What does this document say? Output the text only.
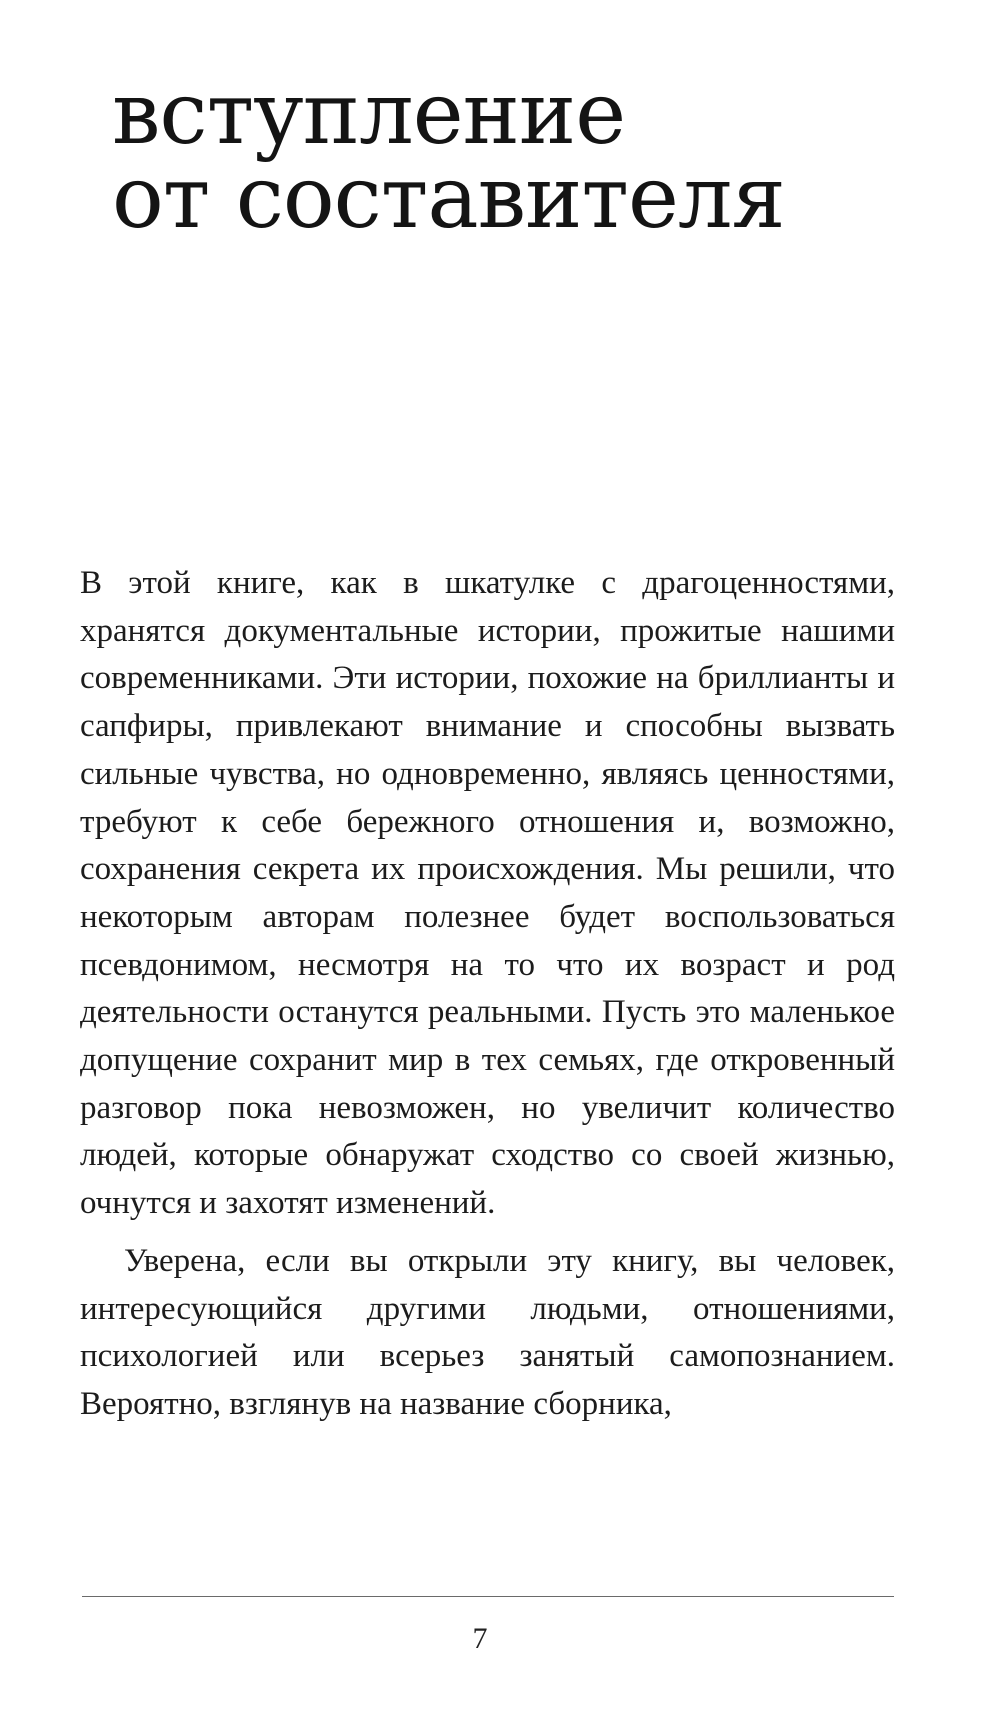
вступление
от составителя

В этой книге, как в шкатулке с драгоценностями, хранятся документальные истории, прожитые нашими современниками. Эти истории, похожие на бриллианты и сапфиры, привлекают внимание и способны вызвать сильные чувства, но одновременно, являясь ценностями, требуют к себе бережного отношения и, возможно, сохранения секрета их происхождения. Мы решили, что некоторым авторам полезнее будет воспользоваться псевдонимом, несмотря на то что их возраст и род деятельности останутся реальными. Пусть это маленькое допущение сохранит мир в тех семьях, где откровенный разговор пока невозможен, но увеличит количество людей, которые обнаружат сходство со своей жизнью, очнутся и захотят изменений.

Уверена, если вы открыли эту книгу, вы человек, интересующийся другими людьми, отношениями, психологией или всерьез занятый самопознанием. Вероятно, взглянув на название сборника,

7
